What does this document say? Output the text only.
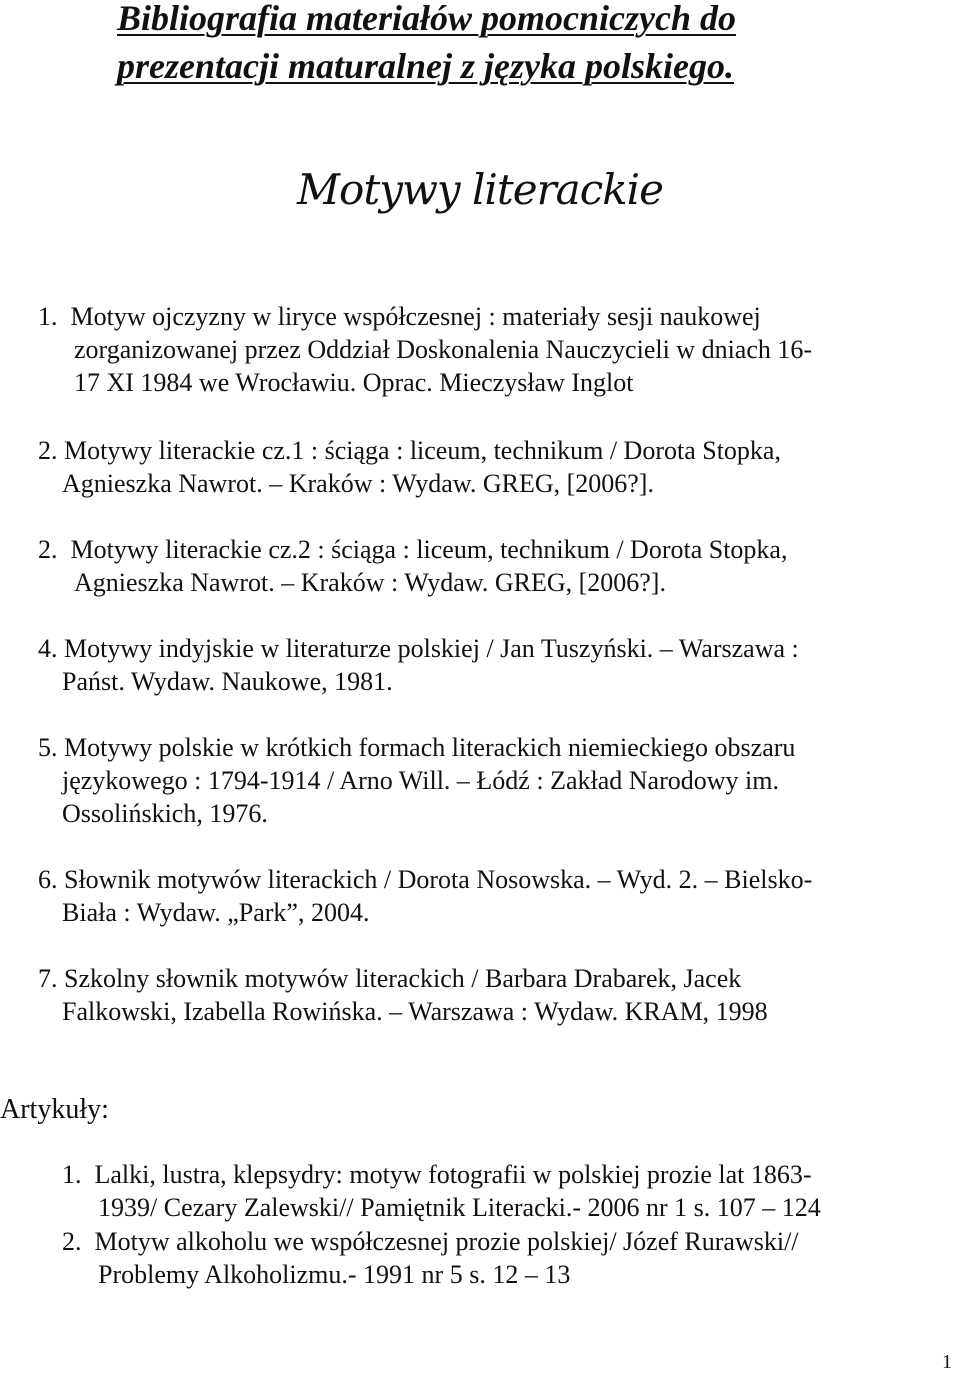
Bibliografia materiałów pomocniczych do
prezentacji maturalnej z języka polskiego.
Motywy literackie

1. Motyw ojczyzny w liryce współczesnej : materiały sesji naukowej
zorganizowanej przez Oddział Doskonalenia Nauczycieli w dniach 16-
17 XI 1984 we Wrocławiu. Oprac. Mieczysław Inglot

2. Motywy literackie cz.1 : ściąga : liceum, technikum / Dorota Stopka,
Agnieszka Nawrot. – Kraków : Wydaw. GREG, [2006?].

2. Motywy literackie cz.2 : ściąga : liceum, technikum / Dorota Stopka,
Agnieszka Nawrot. – Kraków : Wydaw. GREG, [2006?].

4. Motywy indyjskie w literaturze polskiej / Jan Tuszyński. – Warszawa :
Państ. Wydaw. Naukowe, 1981.

5. Motywy polskie w krótkich formach literackich niemieckiego obszaru
językowego : 1794-1914 / Arno Will. – Łódź : Zakład Narodowy im.
Ossolińskich, 1976.

6. Słownik motywów literackich / Dorota Nosowska. – Wyd. 2. – Bielsko-
Biała : Wydaw. „Park”, 2004.

7. Szkolny słownik motywów literackich / Barbara Drabarek, Jacek
Falkowski, Izabella Rowińska. – Warszawa : Wydaw. KRAM, 1998

Artykuły:

1. Lalki, lustra, klepsydry: motyw fotografii w polskiej prozie lat 1863-
1939/ Cezary Zalewski// Pamiętnik Literacki.- 2006 nr 1 s. 107 – 124

2. Motyw alkoholu we współczesnej prozie polskiej/ Józef Rurawski//
Problemy Alkoholizmu.- 1991 nr 5 s. 12 – 13

1
